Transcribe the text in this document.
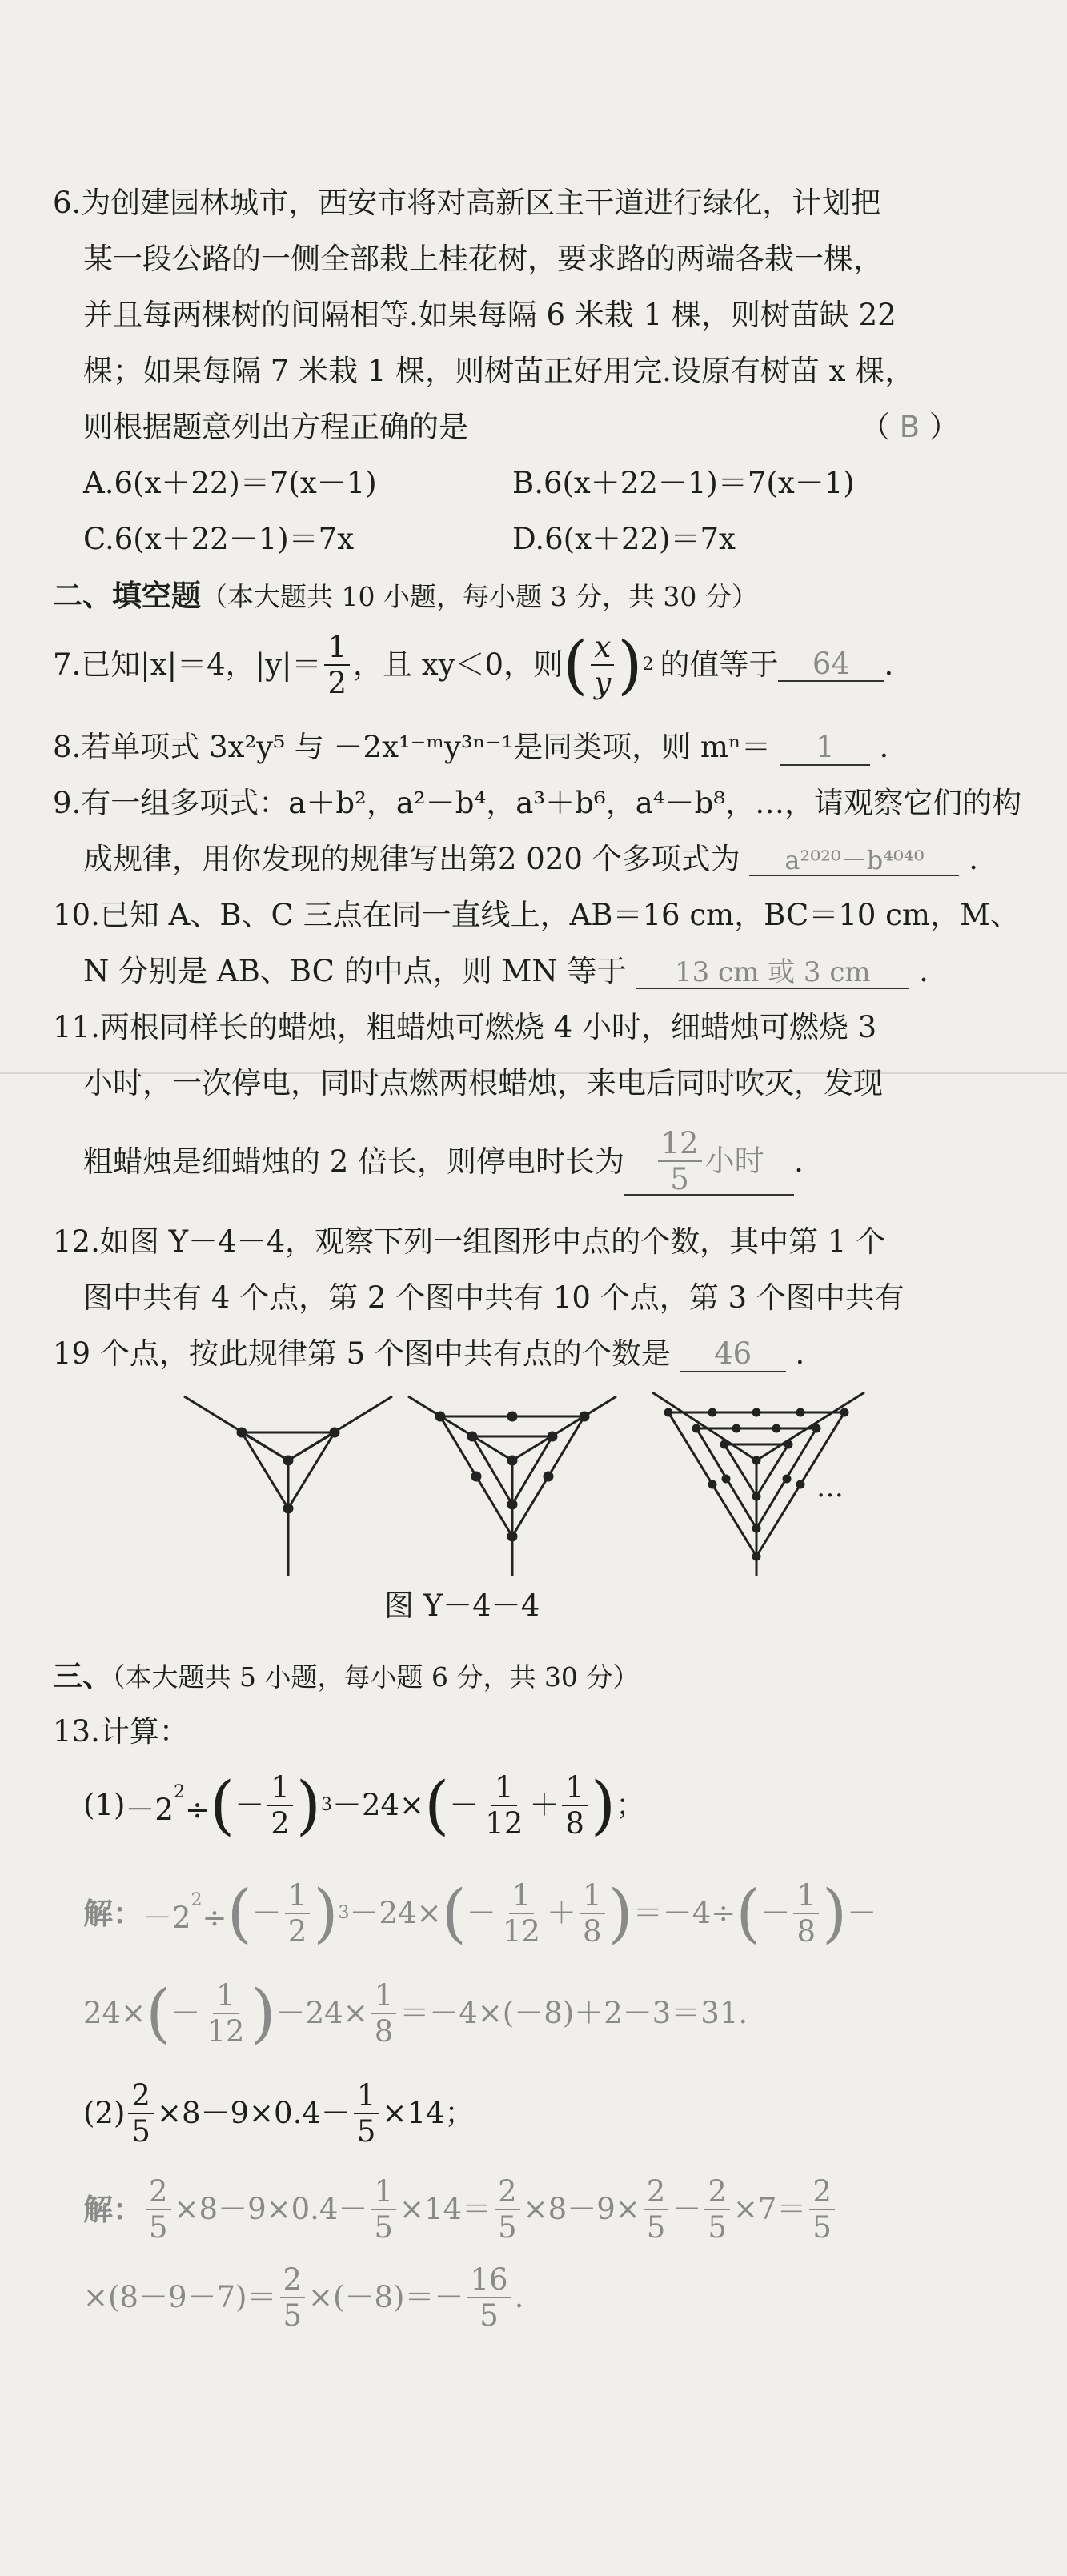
6.为创建园林城市，西安市将对高新区主干道进行绿化，计划把
某一段公路的一侧全部栽上桂花树，要求路的两端各栽一棵，
并且每两棵树的间隔相等.如果每隔 6 米栽 1 棵，则树苗缺 22
棵；如果每隔 7 米栽 1 棵，则树苗正好用完.设原有树苗 x 棵，
则根据题意列出方程正确的是	（ B ）
A.6(x＋22)＝7(x－1)	B.6(x＋22－1)＝7(x－1)
C.6(x＋22－1)＝7x	D.6(x＋22)＝7x
二、填空题（本大题共 10 小题，每小题 3 分，共 30 分）
7.已知|x|＝4，$|y|= \frac{1}{2}$ ，且 xy＜0，则 ( $\frac{x}{y}$ ) 2 的值等于	64	.
8.若单项式 3x²y⁵ 与 －2x¹⁻ᵐy³ⁿ⁻¹是同类项，则 mⁿ＝ 1 .
9.有一组多项式：a＋b²，a²－b⁴，a³＋b⁶，a⁴－b⁸，…，请观察它们的构
成规律，用你发现的规律写出第2 020 个多项式为 a²⁰²⁰－b⁴⁰⁴⁰ .
10.已知 A、B、C 三点在同一直线上，AB＝16 cm，BC＝10 cm，M、
N 分别是 AB、BC 的中点，则 MN 等于 13 cm 或 3 cm .
11.两根同样长的蜡烛，粗蜡烛可燃烧 4 小时，细蜡烛可燃烧 3
小时，一次停电，同时点燃两根蜡烛，来电后同时吹灭，发现
粗蜡烛是细蜡烛的 2 倍长，则停电时长为 $\frac{12}{5}$ 小时 .
12.如图 Y－4－4，观察下列一组图形中点的个数，其中第 1 个
图中共有 4 个点，第 2 个图中共有 10 个点，第 3 个图中共有
19 个点，按此规律第 5 个图中共有点的个数是 46 .
…
图 Y－4－4
三、（本大题共 5 小题，每小题 6 分，共 30 分）
13.计算：
$(1) -2^2\div$ ( － $\frac{1}{2}$ ) 3 －24× ( － $\frac{1}{12} + \frac{1}{8}$ ) ；
解： $-2^2\div$ ( － $\frac{1}{2}$ ) 3 －24× ( － $\frac{1}{12} + \frac{1}{8}$ ) ＝－4÷ ( － $\frac{1}{8}$ ) －
24× ( － $\frac{1}{12}$ ) $-24\times \frac{1}{8} =-4\times(-8)+2-3=31$.
$(2) \frac{2}{5} \times 8-9\times 0.4- \frac{1}{5} \times 14$；
解： $\frac{2}{5} \times 8-9\times 0.4- \frac{1}{5} \times 14= \frac{2}{5} \times 8-9\times \frac{2}{5} - \frac{2}{5} \times 7= \frac{2}{5}$
$\times(8-9-7)= \frac{2}{5} \times(-8)=- \frac{16}{5}$ .
